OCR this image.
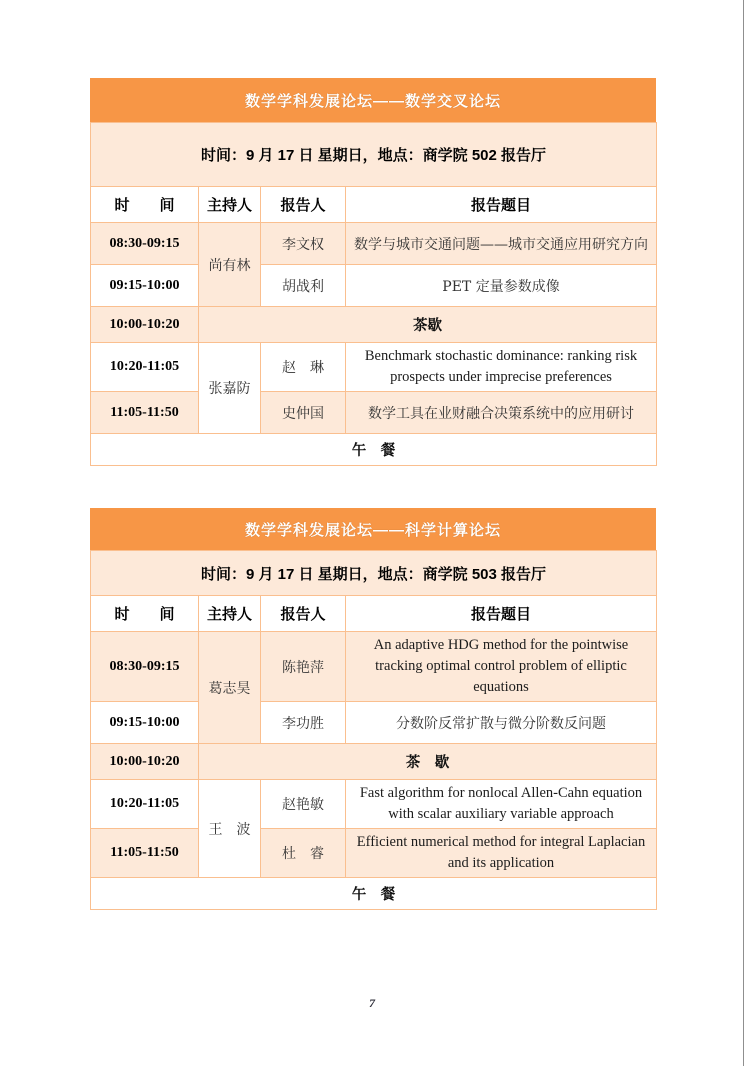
数学学科发展论坛——数学交叉论坛
时间：9 月 17 日 星期日，地点：商学院 502 报告厅			
时　　间	主持人	报告人	报告题目
08:30-09:15	尚有林	李文权	数学与城市交通问题——城市交通应用研究方向
09:15-10:00		胡战利	PET 定量参数成像
10:00-10:20	茶歇		
10:20-11:05	张嘉防	赵　琳	Benchmark stochastic dominance: ranking risk prospects under imprecise preferences
11:05-11:50		史仲国	数学工具在业财融合决策系统中的应用研讨
午　餐			
数学学科发展论坛——科学计算论坛
时间：9 月 17 日 星期日，地点：商学院 503 报告厅			
时　　间	主持人	报告人	报告题目
08:30-09:15	葛志昊	陈艳萍	An adaptive HDG method for the pointwise tracking optimal control problem of elliptic equations
09:15-10:00		李功胜	分数阶反常扩散与微分阶数反问题
10:00-10:20	茶　歇		
10:20-11:05	王　波	赵艳敏	Fast algorithm for nonlocal Allen-Cahn equation with scalar auxiliary variable approach
11:05-11:50		杜　睿	Efficient numerical method for integral Laplacian and its application
午　餐			
7
